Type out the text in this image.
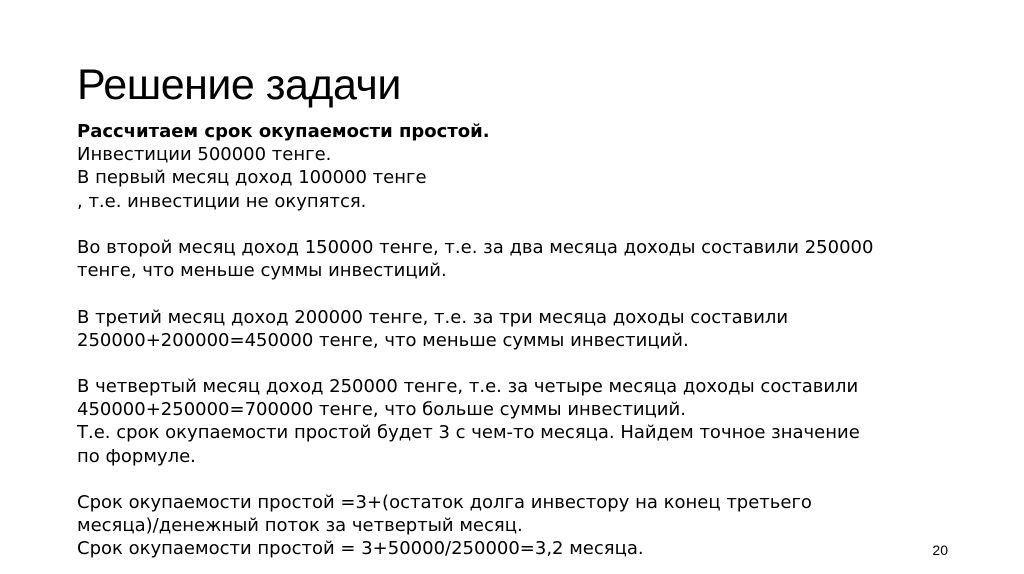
Решение задачи
Рассчитаем срок окупаемости простой.
Инвестиции 500000 тенге.
В первый месяц доход 100000 тенге
, т.е. инвестиции не окупятся.
Во второй месяц доход 150000 тенге, т.е. за два месяца доходы составили 250000
тенге, что меньше суммы инвестиций.
В третий месяц доход 200000 тенге, т.е. за три месяца доходы составили
250000+200000=450000 тенге, что меньше суммы инвестиций.
В четвертый месяц доход 250000 тенге, т.е. за четыре месяца доходы составили
450000+250000=700000 тенге, что больше суммы инвестиций.
Т.е. срок окупаемости простой будет 3 с чем-то месяца. Найдем точное значение
по формуле.
Срок окупаемости простой =3+(остаток долга инвестору на конец третьего
месяца)/денежный поток за четвертый месяц.
Срок окупаемости простой = 3+50000/250000=3,2 месяца.	20
